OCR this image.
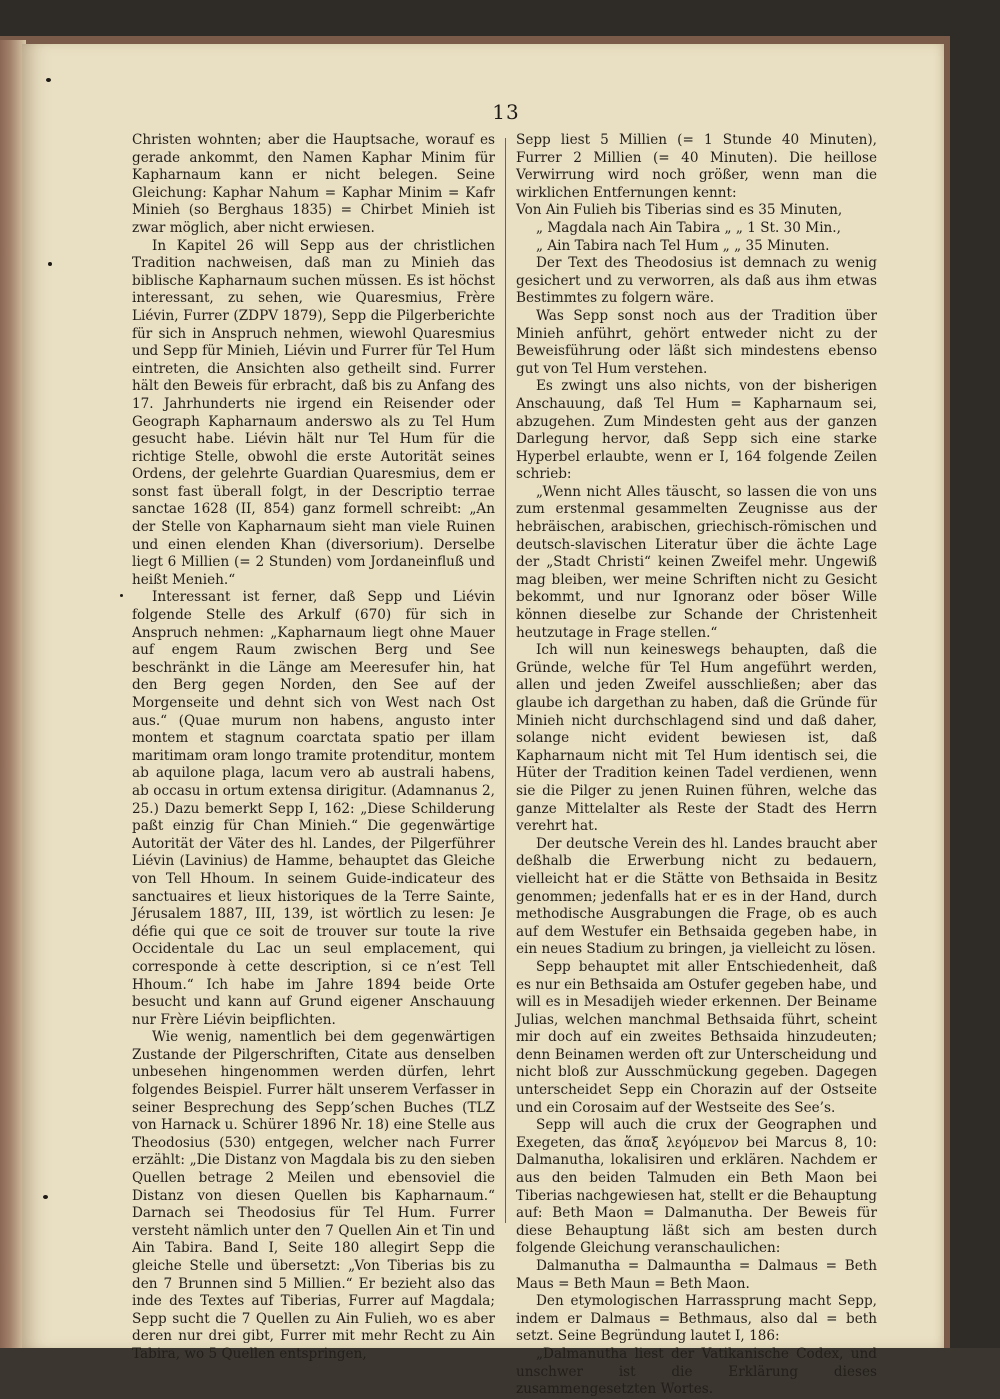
13

Christen wohnten; aber die Hauptsache, worauf es gerade ankommt, den Namen Kaphar Minim für Kapharnaum kann er nicht belegen. Seine Gleichung: Kaphar Nahum = Kaphar Minim = Kafr Minieh (so Berghaus 1835) = Chirbet Minieh ist zwar möglich, aber nicht erwiesen.

In Kapitel 26 will Sepp aus der christlichen Tradition nachweisen, daß man zu Minieh das biblische Kapharnaum suchen müssen. Es ist höchst interessant, zu sehen, wie Quaresmius, Frère Liévin, Furrer (ZDPV 1879), Sepp die Pilgerberichte für sich in Anspruch nehmen, wiewohl Quaresmius und Sepp für Minieh, Liévin und Furrer für Tel Hum eintreten, die Ansichten also getheilt sind. Furrer hält den Beweis für erbracht, daß bis zu Anfang des 17. Jahrhunderts nie irgend ein Reisender oder Geograph Kapharnaum anderswo als zu Tel Hum gesucht habe. Liévin hält nur Tel Hum für die richtige Stelle, obwohl die erste Autorität seines Ordens, der gelehrte Guardian Quaresmius, dem er sonst fast überall folgt, in der Descriptio terrae sanctae 1628 (II, 854) ganz formell schreibt: „An der Stelle von Kapharnaum sieht man viele Ruinen und einen elenden Khan (diversorium). Derselbe liegt 6 Millien (= 2 Stunden) vom Jordaneinfluß und heißt Menieh.“

Interessant ist ferner, daß Sepp und Liévin folgende Stelle des Arkulf (670) für sich in Anspruch nehmen: „Kapharnaum liegt ohne Mauer auf engem Raum zwischen Berg und See beschränkt in die Länge am Meeresufer hin, hat den Berg gegen Norden, den See auf der Morgenseite und dehnt sich von West nach Ost aus.“ (Quae murum non habens, angusto inter montem et stagnum coarctata spatio per illam maritimam oram longo tramite protenditur, montem ab aquilone plaga, lacum vero ab australi habens, ab occasu in ortum extensa dirigitur. (Adamnanus 2, 25.) Dazu bemerkt Sepp I, 162: „Diese Schilderung paßt einzig für Chan Minieh.“ Die gegenwärtige Autorität der Väter des hl. Landes, der Pilgerführer Liévin (Lavinius) de Hamme, behauptet das Gleiche von Tell Hhoum. In seinem Guide-indicateur des sanctuaires et lieux historiques de la Terre Sainte, Jérusalem 1887, III, 139, ist wörtlich zu lesen: Je défie qui que ce soit de trouver sur toute la rive Occidentale du Lac un seul emplacement, qui corresponde à cette description, si ce n’est Tell Hhoum.“ Ich habe im Jahre 1894 beide Orte besucht und kann auf Grund eigener Anschauung nur Frère Liévin beipflichten.

Wie wenig, namentlich bei dem gegenwärtigen Zustande der Pilgerschriften, Citate aus denselben unbesehen hingenommen werden dürfen, lehrt folgendes Beispiel. Furrer hält unserem Verfasser in seiner Besprechung des Sepp’schen Buches (TLZ von Harnack u. Schürer 1896 Nr. 18) eine Stelle aus Theodosius (530) entgegen, welcher nach Furrer erzählt: „Die Distanz von Magdala bis zu den sieben Quellen betrage 2 Meilen und ebensoviel die Distanz von diesen Quellen bis Kapharnaum.“ Darnach sei Theodosius für Tel Hum. Furrer versteht nämlich unter den 7 Quellen Ain et Tin und Ain Tabira. Band I, Seite 180 allegirt Sepp die gleiche Stelle und übersetzt: „Von Tiberias bis zu den 7 Brunnen sind 5 Millien.“ Er bezieht also das inde des Textes auf Tiberias, Furrer auf Magdala; Sepp sucht die 7 Quellen zu Ain Fulieh, wo es aber deren nur drei gibt, Furrer mit mehr Recht zu Ain Tabira, wo 5 Quellen entspringen,

Sepp liest 5 Millien (= 1 Stunde 40 Minuten), Furrer 2 Millien (= 40 Minuten). Die heillose Verwirrung wird noch größer, wenn man die wirklichen Entfernungen kennt:

Von Ain Fulieh bis Tiberias sind es 35 Minuten,

„ Magdala nach Ain Tabira „ „ 1 St. 30 Min.,

„ Ain Tabira nach Tel Hum „ „ 35 Minuten.

Der Text des Theodosius ist demnach zu wenig gesichert und zu verworren, als daß aus ihm etwas Bestimmtes zu folgern wäre.

Was Sepp sonst noch aus der Tradition über Minieh anführt, gehört entweder nicht zu der Beweisführung oder läßt sich mindestens ebenso gut von Tel Hum verstehen.

Es zwingt uns also nichts, von der bisherigen Anschauung, daß Tel Hum = Kapharnaum sei, abzugehen. Zum Mindesten geht aus der ganzen Darlegung hervor, daß Sepp sich eine starke Hyperbel erlaubte, wenn er I, 164 folgende Zeilen schrieb:

„Wenn nicht Alles täuscht, so lassen die von uns zum erstenmal gesammelten Zeugnisse aus der hebräischen, arabischen, griechisch-römischen und deutsch-slavischen Literatur über die ächte Lage der „Stadt Christi“ keinen Zweifel mehr. Ungewiß mag bleiben, wer meine Schriften nicht zu Gesicht bekommt, und nur Ignoranz oder böser Wille können dieselbe zur Schande der Christenheit heutzutage in Frage stellen.“

Ich will nun keineswegs behaupten, daß die Gründe, welche für Tel Hum angeführt werden, allen und jeden Zweifel ausschließen; aber das glaube ich dargethan zu haben, daß die Gründe für Minieh nicht durchschlagend sind und daß daher, solange nicht evident bewiesen ist, daß Kapharnaum nicht mit Tel Hum identisch sei, die Hüter der Tradition keinen Tadel verdienen, wenn sie die Pilger zu jenen Ruinen führen, welche das ganze Mittelalter als Reste der Stadt des Herrn verehrt hat.

Der deutsche Verein des hl. Landes braucht aber deßhalb die Erwerbung nicht zu bedauern, vielleicht hat er die Stätte von Bethsaida in Besitz genommen; jedenfalls hat er es in der Hand, durch methodische Ausgrabungen die Frage, ob es auch auf dem Westufer ein Bethsaida gegeben habe, in ein neues Stadium zu bringen, ja vielleicht zu lösen.

Sepp behauptet mit aller Entschiedenheit, daß es nur ein Bethsaida am Ostufer gegeben habe, und will es in Mesadijeh wieder erkennen. Der Beiname Julias, welchen manchmal Bethsaida führt, scheint mir doch auf ein zweites Bethsaida hinzudeuten; denn Beinamen werden oft zur Unterscheidung und nicht bloß zur Ausschmückung gegeben. Dagegen unterscheidet Sepp ein Chorazin auf der Ostseite und ein Corosaim auf der Westseite des See’s.

Sepp will auch die crux der Geographen und Exegeten, das ἅπαξ λεγόμενον bei Marcus 8, 10: Dalmanutha, lokalisiren und erklären. Nachdem er aus den beiden Talmuden ein Beth Maon bei Tiberias nachgewiesen hat, stellt er die Behauptung auf: Beth Maon = Dalmanutha. Der Beweis für diese Behauptung läßt sich am besten durch folgende Gleichung veranschaulichen:

Dalmanutha = Dalmauntha = Dalmaus = Beth Maus = Beth Maun = Beth Maon.

Den etymologischen Harrassprung macht Sepp, indem er Dalmaus = Bethmaus, also dal = beth setzt. Seine Begründung lautet I, 186:

„Dalmanutha liest der Vatikanische Codex, und unschwer ist die Erklärung dieses zusammengesetzten Wortes.
